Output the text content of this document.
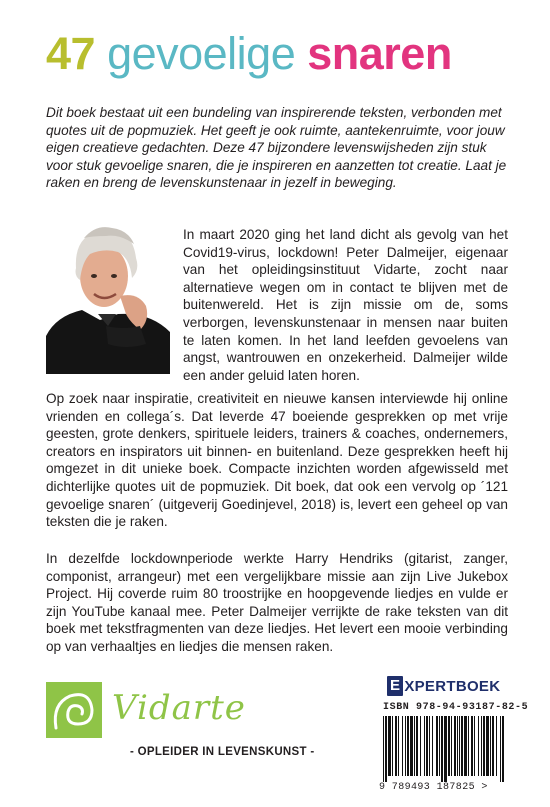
47 gevoelige snaren

Dit boek bestaat uit een bundeling van inspirerende teksten, verbonden met quotes uit de popmuziek. Het geeft je ook ruimte, aantekenruimte, voor jouw eigen creatieve gedachten. Deze 47 bijzondere levenswijsheden zijn stuk voor stuk gevoelige snaren, die je inspireren en aanzetten tot creatie. Laat je raken en breng de levenskunstenaar in jezelf in beweging.

In maart 2020 ging het land dicht als gevolg van het Covid19-virus, lockdown! Peter Dalmeijer, eigenaar van het opleidingsinstituut Vidarte, zocht naar alternatieve wegen om in contact te blijven met de buitenwereld. Het is zijn missie om de, soms verborgen, levenskunstenaar in mensen naar buiten te laten komen. In het land leefden gevoelens van angst, wantrouwen en onzekerheid. Dalmeijer wilde een ander geluid laten horen.

Op zoek naar inspiratie, creativiteit en nieuwe kansen interviewde hij online vrienden en collega´s. Dat leverde 47 boeiende gesprekken op met vrije geesten, grote denkers, spirituele leiders, trainers & coaches, ondernemers, creators en inspirators uit binnen- en buitenland. Deze gesprekken heeft hij omgezet in dit unieke boek. Compacte inzichten worden afgewisseld met dichterlijke quotes uit de popmuziek. Dit boek, dat ook een vervolg op ´121 gevoelige snaren´ (uitgeverij Goedinjevel, 2018) is, levert een geheel op van teksten die je raken.

In dezelfde lockdownperiode werkte Harry Hendriks (gitarist, zanger, componist, arrangeur) met een vergelijkbare missie aan zijn Live Jukebox Project. Hij coverde ruim 80 troostrijke en hoopgevende liedjes en vulde er zijn YouTube kanaal mee. Peter Dalmeijer verrijkte de rake teksten van dit boek met tekstfragmenten van deze liedjes. Het levert een mooie verbinding op van verhaaltjes en liedjes die mensen raken.

Vidarte
- OPLEIDER IN LEVENSKUNST -
E XPERTBOEK
ISBN 978-94-93187-82-5
9 789493 187825 >
